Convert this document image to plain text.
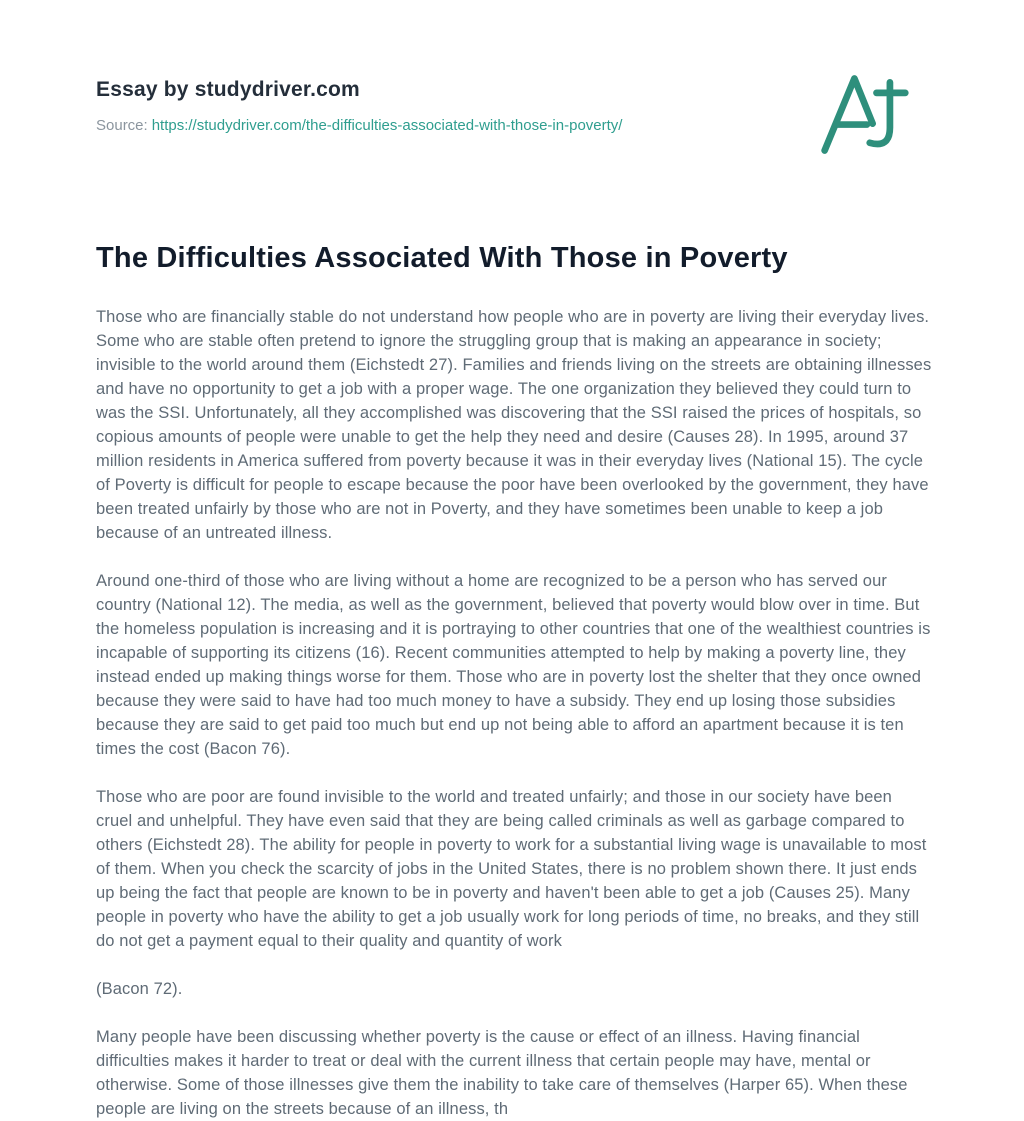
Essay by studydriver.com

Source: https://studydriver.com/the-difficulties-associated-with-those-in-poverty/

The Difficulties Associated With Those in Poverty

Those who are financially stable do not understand how people who are in poverty are living their everyday lives. Some who are stable often pretend to ignore the struggling group that is making an appearance in society; invisible to the world around them (Eichstedt 27). Families and friends living on the streets are obtaining illnesses and have no opportunity to get a job with a proper wage. The one organization they believed they could turn to was the SSI. Unfortunately, all they accomplished was discovering that the SSI raised the prices of hospitals, so copious amounts of people were unable to get the help they need and desire (Causes 28). In 1995, around 37 million residents in America suffered from poverty because it was in their everyday lives (National 15). The cycle of Poverty is difficult for people to escape because the poor have been overlooked by the government, they have been treated unfairly by those who are not in Poverty, and they have sometimes been unable to keep a job because of an untreated illness.

Around one-third of those who are living without a home are recognized to be a person who has served our country (National 12). The media, as well as the government, believed that poverty would blow over in time. But the homeless population is increasing and it is portraying to other countries that one of the wealthiest countries is incapable of supporting its citizens (16). Recent communities attempted to help by making a poverty line, they instead ended up making things worse for them. Those who are in poverty lost the shelter that they once owned because they were said to have had too much money to have a subsidy. They end up losing those subsidies because they are said to get paid too much but end up not being able to afford an apartment because it is ten times the cost (Bacon 76).

Those who are poor are found invisible to the world and treated unfairly; and those in our society have been cruel and unhelpful. They have even said that they are being called criminals as well as garbage compared to others (Eichstedt 28). The ability for people in poverty to work for a substantial living wage is unavailable to most of them. When you check the scarcity of jobs in the United States, there is no problem shown there. It just ends up being the fact that people are known to be in poverty and haven't been able to get a job (Causes 25). Many people in poverty who have the ability to get a job usually work for long periods of time, no breaks, and they still do not get a payment equal to their quality and quantity of work

(Bacon 72).

Many people have been discussing whether poverty is the cause or effect of an illness. Having financial difficulties makes it harder to treat or deal with the current illness that certain people may have, mental or otherwise. Some of those illnesses give them the inability to take care of themselves (Harper 65). When these people are living on the streets because of an illness, th
